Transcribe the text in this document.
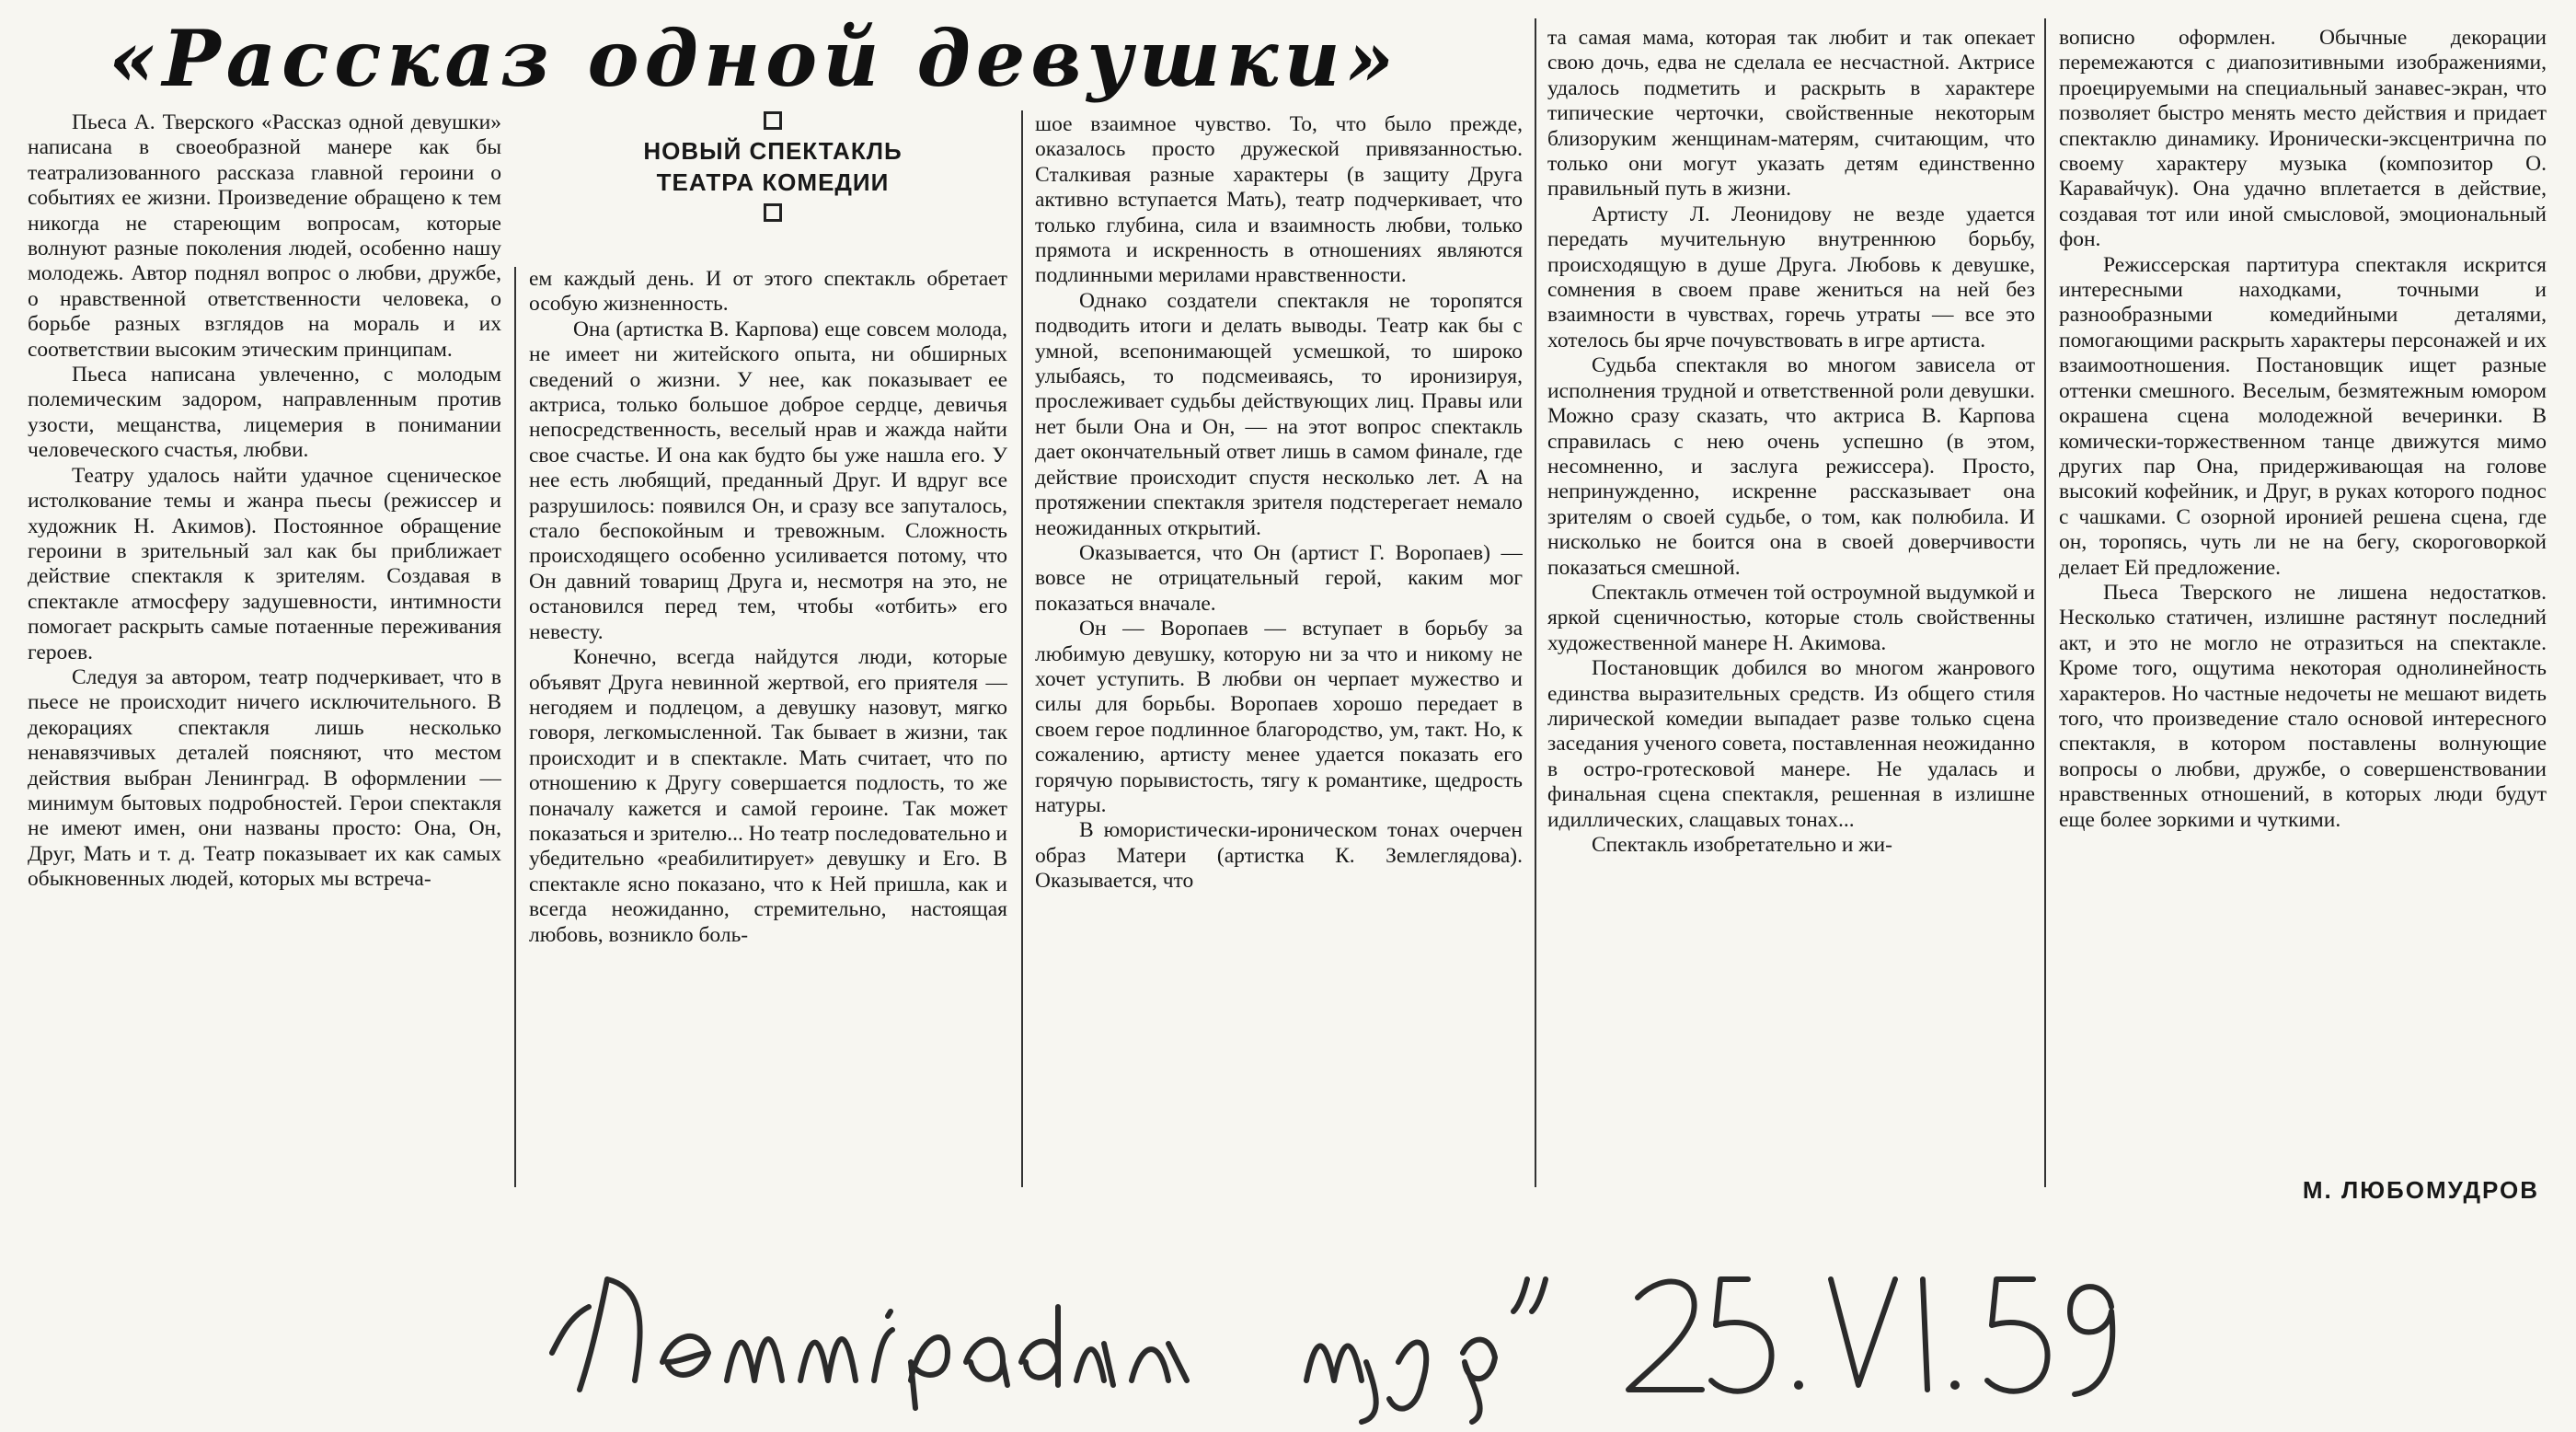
«Рассказ одной девушки»
НОВЫЙ СПЕКТАКЛЬ
ТЕАТРА КОМЕДИИ

Пьеса А. Тверского «Рассказ одной девушки» написана в своеобразной манере как бы театрализованного рассказа главной героини о событиях ее жизни. Произведение обращено к тем никогда не стареющим вопросам, которые волнуют разные поколения людей, особенно нашу молодежь. Автор поднял вопрос о любви, дружбе, о нравственной ответственности человека, о борьбе разных взглядов на мораль и их соответствии высоким этическим принципам.

Пьеса написана увлеченно, с молодым полемическим задором, направленным против узости, мещанства, лицемерия в понимании человеческого счастья, любви.

Театру удалось найти удачное сценическое истолкование темы и жанра пьесы (режиссер и художник Н. Акимов). Постоянное обращение героини в зрительный зал как бы приближает действие спектакля к зрителям. Создавая в спектакле атмосферу задушевности, интимности помогает раскрыть самые потаенные переживания героев.

Следуя за автором, театр подчеркивает, что в пьесе не происходит ничего исключительного. В декорациях спектакля лишь несколько ненавязчивых деталей поясняют, что местом действия выбран Ленинград. В оформлении — минимум бытовых подробностей. Герои спектакля не имеют имен, они названы просто: Она, Он, Друг, Мать и т. д. Театр показывает их как самых обыкновенных людей, которых мы встреча-

ем каждый день. И от этого спектакль обретает особую жизненность.

Она (артистка В. Карпова) еще совсем молода, не имеет ни житейского опыта, ни обширных сведений о жизни. У нее, как показывает ее актриса, только большое доброе сердце, девичья непосредственность, веселый нрав и жажда найти свое счастье. И она как будто бы уже нашла его. У нее есть любящий, преданный Друг. И вдруг все разрушилось: появился Он, и сразу все запуталось, стало беспокойным и тревожным. Сложность происходящего особенно усиливается потому, что Он давний товарищ Друга и, несмотря на это, не остановился перед тем, чтобы «отбить» его невесту.

Конечно, всегда найдутся люди, которые объявят Друга невинной жертвой, его приятеля — негодяем и подлецом, а девушку назовут, мягко говоря, легкомысленной. Так бывает в жизни, так происходит и в спектакле. Мать считает, что по отношению к Другу совершается подлость, то же поначалу кажется и самой героине. Так может показаться и зрителю... Но театр последовательно и убедительно «реабилитирует» девушку и Его. В спектакле ясно показано, что к Ней пришла, как и всегда неожиданно, стремительно, настоящая любовь, возникло боль-

шое взаимное чувство. То, что было прежде, оказалось просто дружеской привязанностью. Сталкивая разные характеры (в защиту Друга активно вступается Мать), театр подчеркивает, что только глубина, сила и взаимность любви, только прямота и искренность в отношениях являются подлинными мерилами нравственности.

Однако создатели спектакля не торопятся подводить итоги и делать выводы. Театр как бы с умной, всепонимающей усмешкой, то широко улыбаясь, то подсмеиваясь, то иронизируя, прослеживает судьбы действующих лиц. Правы или нет были Она и Он, — на этот вопрос спектакль дает окончательный ответ лишь в самом финале, где действие происходит спустя несколько лет. А на протяжении спектакля зрителя подстерегает немало неожиданных открытий.

Оказывается, что Он (артист Г. Воропаев) — вовсе не отрицательный герой, каким мог показаться вначале.

Он — Воропаев — вступает в борьбу за любимую девушку, которую ни за что и никому не хочет уступить. В любви он черпает мужество и силы для борьбы. Воропаев хорошо передает в своем герое подлинное благородство, ум, такт. Но, к сожалению, артисту менее удается показать его горячую порывистость, тягу к романтике, щедрость натуры.

В юмористически-ироническом тонах очерчен образ Матери (артистка К. Землеглядова). Оказывается, что

та самая мама, которая так любит и так опекает свою дочь, едва не сделала ее несчастной. Актрисе удалось подметить и раскрыть в характере типические черточки, свойственные некоторым близоруким женщинам-матерям, считающим, что только они могут указать детям единственно правильный путь в жизни.

Артисту Л. Леонидову не везде удается передать мучительную внутреннюю борьбу, происходящую в душе Друга. Любовь к девушке, сомнения в своем праве жениться на ней без взаимности в чувствах, горечь утраты — все это хотелось бы ярче почувствовать в игре артиста.

Судьба спектакля во многом зависела от исполнения трудной и ответственной роли девушки. Можно сразу сказать, что актриса В. Карпова справилась с нею очень успешно (в этом, несомненно, и заслуга режиссера). Просто, непринужденно, искренне рассказывает она зрителям о своей судьбе, о том, как полюбила. И нисколько не боится она в своей доверчивости показаться смешной.

Спектакль отмечен той остроумной выдумкой и яркой сценичностью, которые столь свойственны художественной манере Н. Акимова.

Постановщик добился во многом жанрового единства выразительных средств. Из общего стиля лирической комедии выпадает разве только сцена заседания ученого совета, поставленная неожиданно в остро-гротесковой манере. Не удалась и финальная сцена спектакля, решенная в излишне идиллических, слащавых тонах...

Спектакль изобретательно и жи-

вописно оформлен. Обычные декорации перемежаются с диапозитивными изображениями, проецируемыми на специальный занавес-экран, что позволяет быстро менять место действия и придает спектаклю динамику. Иронически-эксцентрична по своему характеру музыка (композитор О. Каравайчук). Она удачно вплетается в действие, создавая тот или иной смысловой, эмоциональный фон.

Режиссерская партитура спектакля искрится интересными находками, точными и разнообразными комедийными деталями, помогающими раскрыть характеры персонажей и их взаимоотношения. Постановщик ищет разные оттенки смешного. Веселым, безмятежным юмором окрашена сцена молодежной вечеринки. В комически-торжественном танце движутся мимо других пар Она, придерживающая на голове высокий кофейник, и Друг, в руках которого поднос с чашками. С озорной иронией решена сцена, где он, торопясь, чуть ли не на бегу, скороговоркой делает Ей предложение.

Пьеса Тверского не лишена недостатков. Несколько статичен, излишне растянут последний акт, и это не могло не отразиться на спектакле. Кроме того, ощутима некоторая однолинейность характеров. Но частные недочеты не мешают видеть того, что произведение стало основой интересного спектакля, в котором поставлены волнующие вопросы о любви, дружбе, о совершенствовании нравственных отношений, в которых люди будут еще более зоркими и чуткими.

М. ЛЮБОМУДРОВ
